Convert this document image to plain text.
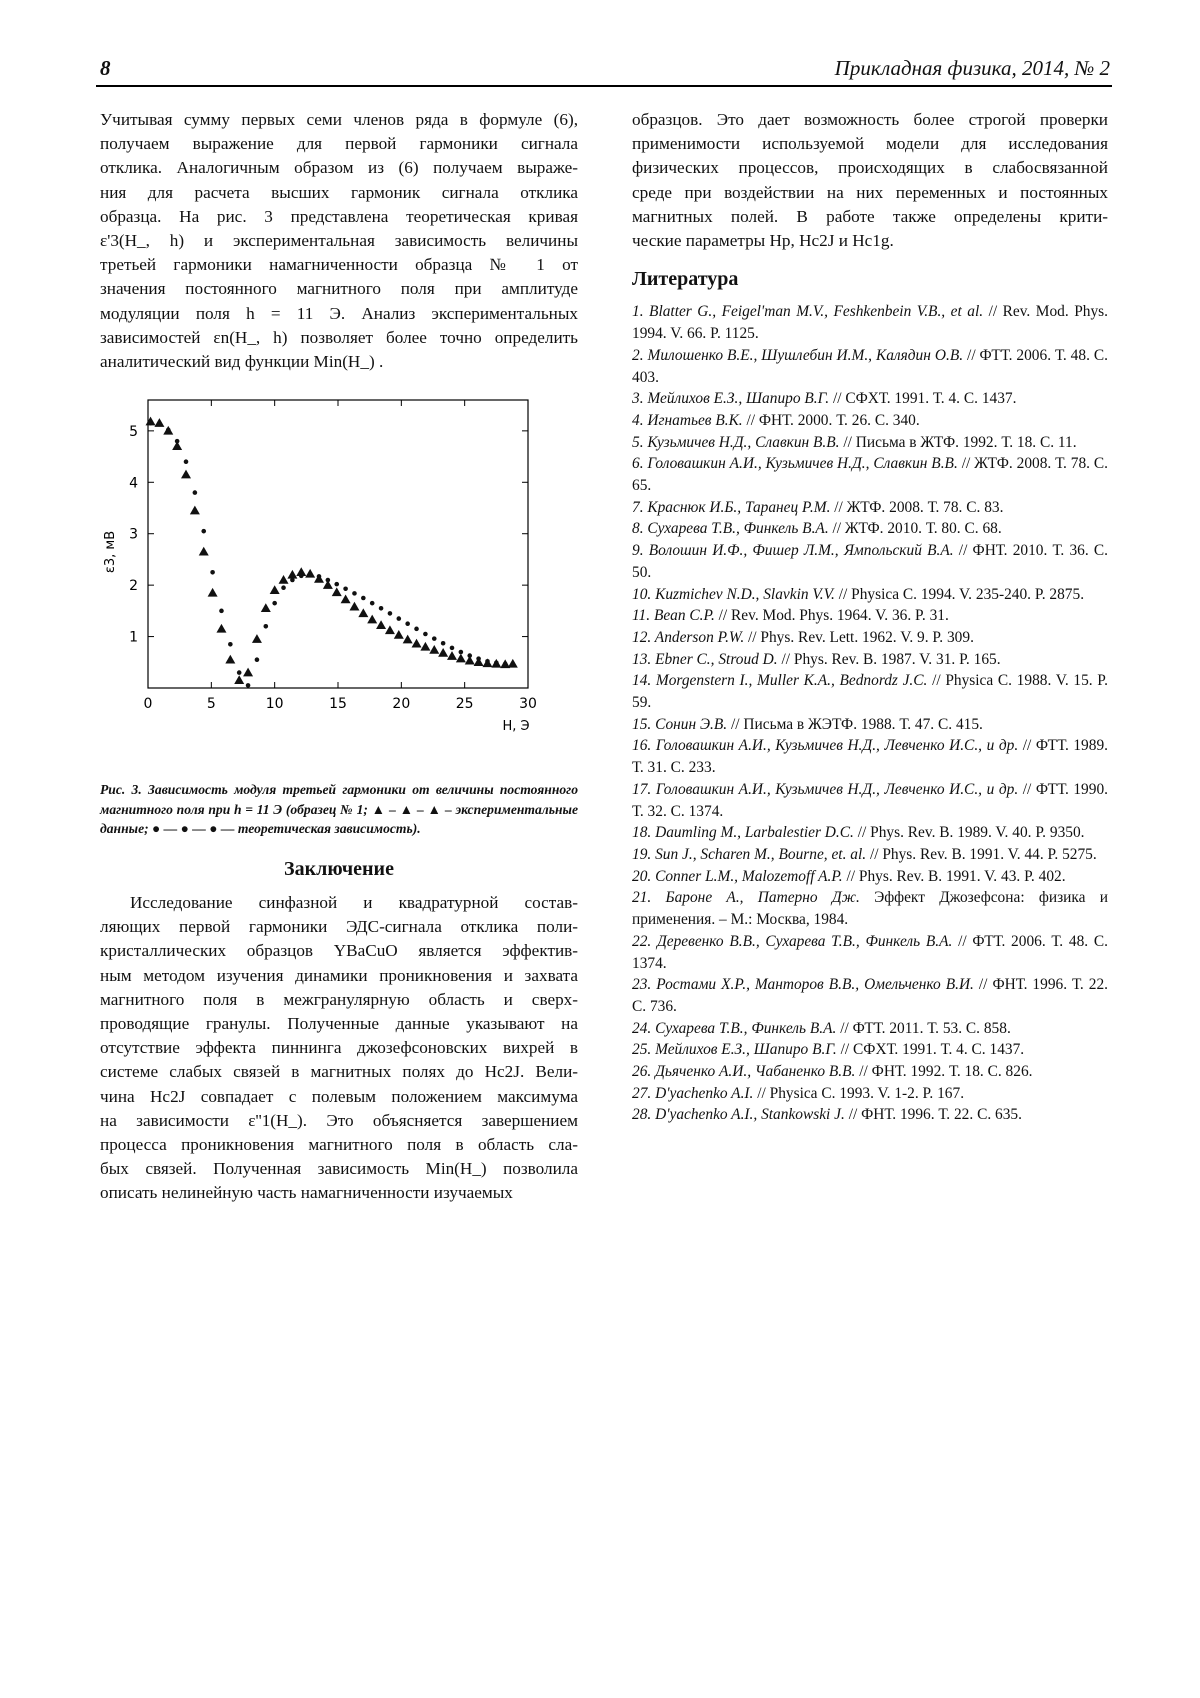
8	Прикладная физика, 2014, № 2
Учитывая сумму первых семи членов ряда в формуле (6),
получаем выражение для первой гармоники сигнала
отклика. Аналогичным образом из (6) получаем выраже-
ния для расчета высших гармоник сигнала отклика
образца. На рис. 3 представлена теоретическая кривая
ε'3(H_, h) и экспериментальная зависимость величины
третьей гармоники намагниченности образца № 1 от
значения постоянного магнитного поля при амплитуде
модуляции поля h = 11 Э. Анализ экспериментальных
зависимостей εn(H_, h) позволяет более точно определить
аналитический вид функции Min(H_) .
0	5	10	15	20	25	30
1
2
3
4
5
H, Э
ε3, мВ
Рис. 3. Зависимость модуля третьей гармоники от величины постоянного магнитного поля при h = 11 Э (образец № 1; ▲ – ▲ – ▲ – экспериментальные данные; ● — ● — ● — теоретическая зависимость).
Заключение
Исследование синфазной и квадратурной состав-
ляющих первой гармоники ЭДС-сигнала отклика поли-
кристаллических образцов YBaCuO является эффектив-
ным методом изучения динамики проникновения и захвата
магнитного поля в межгранулярную область и сверх-
проводящие гранулы. Полученные данные указывают на
отсутствие эффекта пиннинга джозефсоновских вихрей в
системе слабых связей в магнитных полях до Hc2J. Вели-
чина Hc2J совпадает с полевым положением максимума
на зависимости ε''1(H_). Это объясняется завершением
процесса проникновения магнитного поля в область сла-
бых связей. Полученная зависимость Min(H_) позволила
описать нелинейную часть намагниченности изучаемых
образцов. Это дает возможность более строгой проверки
применимости используемой модели для исследования
физических процессов, происходящих в слабосвязанной
среде при воздействии на них переменных и постоянных
магнитных полей. В работе также определены крити-
ческие параметры Hp, Hc2J и Hc1g.
Литература
1. Blatter G., Feigel'man M.V., Feshkenbein V.B., et al. // Rev. Mod. Phys. 1994. V. 66. P. 1125.
2. Милошенко В.Е., Шушлебин И.М., Калядин О.В. // ФТТ. 2006. Т. 48. С. 403.
3. Мейлихов Е.З., Шапиро В.Г. // СФХТ. 1991. Т. 4. С. 1437.
4. Игнатьев В.К. // ФНТ. 2000. Т. 26. С. 340.
5. Кузьмичев Н.Д., Славкин В.В. // Письма в ЖТФ. 1992. Т. 18. С. 11.
6. Головашкин А.И., Кузьмичев Н.Д., Славкин В.В. // ЖТФ. 2008. Т. 78. С. 65.
7. Краснюк И.Б., Таранец Р.М. // ЖТФ. 2008. Т. 78. С. 83.
8. Сухарева Т.В., Финкель В.А. // ЖТФ. 2010. Т. 80. С. 68.
9. Волошин И.Ф., Фишер Л.М., Ямпольский В.А. // ФНТ. 2010. Т. 36. С. 50.
10. Kuzmichev N.D., Slavkin V.V. // Physica C. 1994. V. 235-240. P. 2875.
11. Bean C.P. // Rev. Mod. Phys. 1964. V. 36. P. 31.
12. Anderson P.W. // Phys. Rev. Lett. 1962. V. 9. P. 309.
13. Ebner C., Stroud D. // Phys. Rev. B. 1987. V. 31. P. 165.
14. Morgenstern I., Muller K.A., Bednordz J.C. // Physica C. 1988. V. 15. P. 59.
15. Сонин Э.В. // Письма в ЖЭТФ. 1988. Т. 47. С. 415.
16. Головашкин А.И., Кузьмичев Н.Д., Левченко И.С., и др. // ФТТ. 1989. Т. 31. С. 233.
17. Головашкин А.И., Кузьмичев Н.Д., Левченко И.С., и др. // ФТТ. 1990. Т. 32. С. 1374.
18. Daumling M., Larbalestier D.C. // Phys. Rev. B. 1989. V. 40. P. 9350.
19. Sun J., Scharen M., Bourne, et. al. // Phys. Rev. B. 1991. V. 44. P. 5275.
20. Conner L.M., Malozemoff A.P. // Phys. Rev. B. 1991. V. 43. P. 402.
21. Бароне А., Патерно Дж. Эффект Джозефсона: физика и применения. – М.: Москва, 1984.
22. Деревенко В.В., Сухарева Т.В., Финкель В.А. // ФТТ. 2006. Т. 48. С. 1374.
23. Ростами Х.Р., Манторов В.В., Омельченко В.И. // ФНТ. 1996. Т. 22. С. 736.
24. Сухарева Т.В., Финкель В.А. // ФТТ. 2011. Т. 53. С. 858.
25. Мейлихов Е.З., Шапиро В.Г. // СФХТ. 1991. Т. 4. С. 1437.
26. Дьяченко А.И., Чабаненко В.В. // ФНТ. 1992. Т. 18. С. 826.
27. D'yachenko A.I. // Physica C. 1993. V. 1-2. P. 167.
28. D'yachenko A.I., Stankowski J. // ФНТ. 1996. Т. 22. С. 635.
